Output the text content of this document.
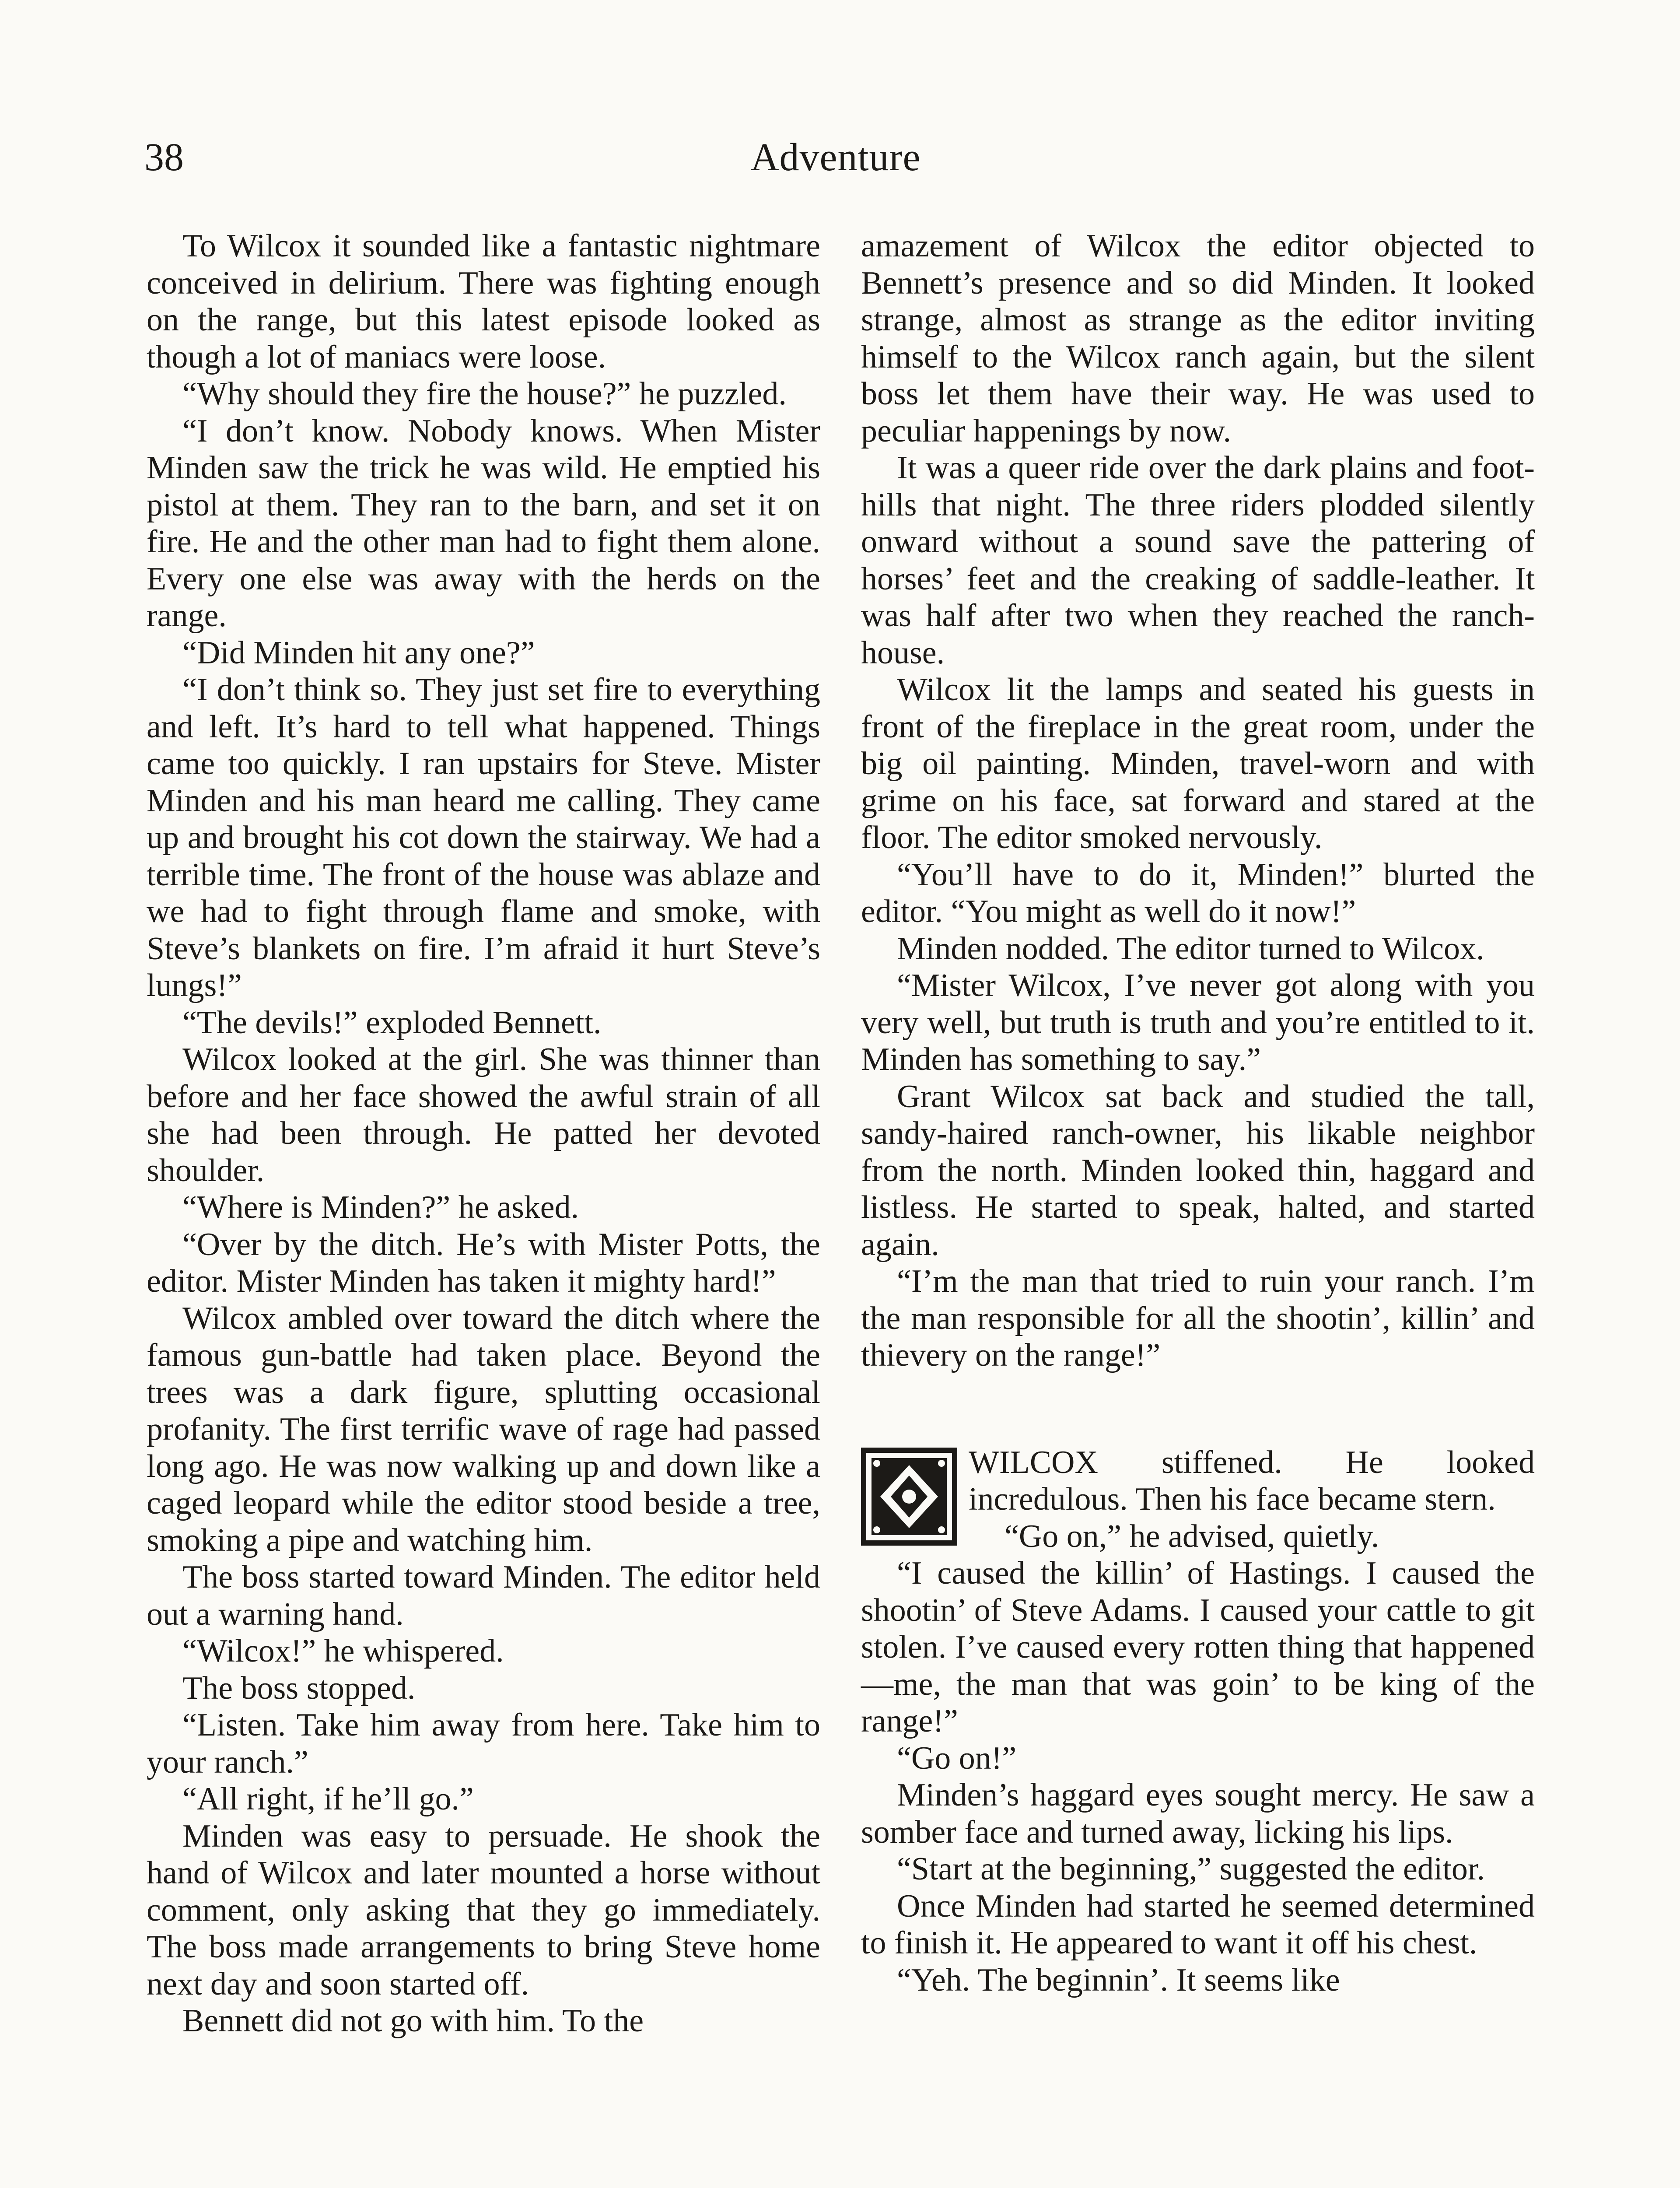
38	Adventure

To Wilcox it sounded like a fantastic nightmare conceived in delirium. There was fighting enough on the range, but this latest episode looked as though a lot of maniacs were loose.

“Why should they fire the house?” he puzzled.

“I don’t know. Nobody knows. When Mister Minden saw the trick he was wild. He emptied his pistol at them. They ran to the barn, and set it on fire. He and the other man had to fight them alone. Every one else was away with the herds on the range.

“Did Minden hit any one?”

“I don’t think so. They just set fire to everything and left. It’s hard to tell what happened. Things came too quickly. I ran upstairs for Steve. Mister Minden and his man heard me calling. They came up and brought his cot down the stairway. We had a terrible time. The front of the house was ablaze and we had to fight through flame and smoke, with Steve’s blankets on fire. I’m afraid it hurt Steve’s lungs!”

“The devils!” exploded Bennett.

Wilcox looked at the girl. She was thinner than before and her face showed the awful strain of all she had been through. He patted her devoted shoulder.

“Where is Minden?” he asked.

“Over by the ditch. He’s with Mister Potts, the editor. Mister Minden has taken it mighty hard!”

Wilcox ambled over toward the ditch where the famous gun-battle had taken place. Beyond the trees was a dark figure, splutting occasional profanity. The first terrific wave of rage had passed long ago. He was now walking up and down like a caged leopard while the editor stood beside a tree, smoking a pipe and watching him.

The boss started toward Minden. The editor held out a warning hand.

“Wilcox!” he whispered.

The boss stopped.

“Listen. Take him away from here. Take him to your ranch.”

“All right, if he’ll go.”

Minden was easy to persuade. He shook the hand of Wilcox and later mounted a horse without comment, only asking that they go immediately. The boss made arrangements to bring Steve home next day and soon started off.

Bennett did not go with him. To the

amazement of Wilcox the editor objected to Bennett’s presence and so did Minden. It looked strange, almost as strange as the editor inviting himself to the Wilcox ranch again, but the silent boss let them have their way. He was used to peculiar happenings by now.

It was a queer ride over the dark plains and foot-hills that night. The three riders plodded silently onward without a sound save the pattering of horses’ feet and the creaking of saddle-leather. It was half after two when they reached the ranch-house.

Wilcox lit the lamps and seated his guests in front of the fireplace in the great room, under the big oil painting. Minden, travel-worn and with grime on his face, sat forward and stared at the floor. The editor smoked nervously.

“You’ll have to do it, Minden!” blurted the editor. “You might as well do it now!”

Minden nodded. The editor turned to Wilcox.

“Mister Wilcox, I’ve never got along with you very well, but truth is truth and you’re entitled to it. Minden has something to say.”

Grant Wilcox sat back and studied the tall, sandy-haired ranch-owner, his likable neighbor from the north. Minden looked thin, haggard and listless. He started to speak, halted, and started again.

“I’m the man that tried to ruin your ranch. I’m the man responsible for all the shootin’, killin’ and thievery on the range!”

WILCOX stiffened. He looked incredulous. Then his face became stern.

“Go on,” he advised, quietly.

“I caused the killin’ of Hastings. I caused the shootin’ of Steve Adams. I caused your cattle to git stolen. I’ve caused every rotten thing that happened—me, the man that was goin’ to be king of the range!”

“Go on!”

Minden’s haggard eyes sought mercy. He saw a somber face and turned away, licking his lips.

“Start at the beginning,” suggested the editor.

Once Minden had started he seemed determined to finish it. He appeared to want it off his chest.

“Yeh. The beginnin’. It seems like
